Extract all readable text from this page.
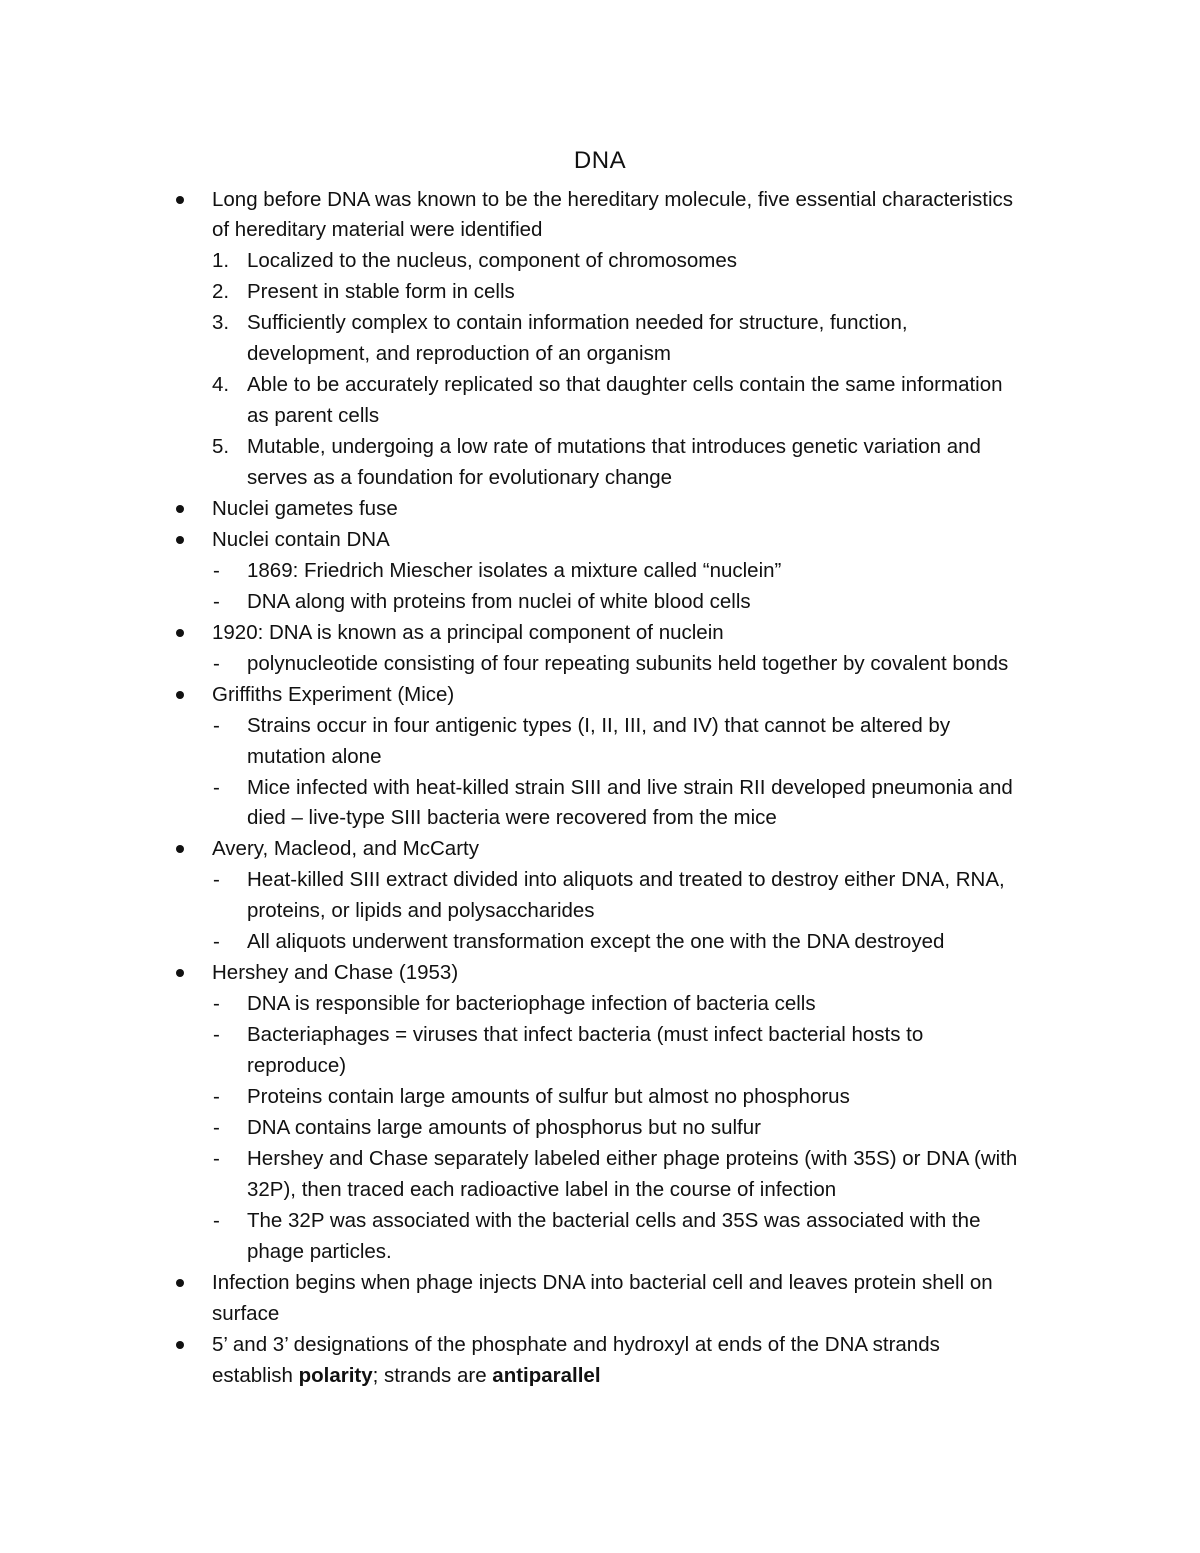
DNA
Long before DNA was known to be the hereditary molecule, five essential characteristics
of hereditary material were identified
1. Localized to the nucleus, component of chromosomes
2. Present in stable form in cells
3. Sufficiently complex to contain information needed for structure, function,
development, and reproduction of an organism
4. Able to be accurately replicated so that daughter cells contain the same information
as parent cells
5. Mutable, undergoing a low rate of mutations that introduces genetic variation and
serves as a foundation for evolutionary change
Nuclei gametes fuse
Nuclei contain DNA
- 1869: Friedrich Miescher isolates a mixture called “nuclein”
- DNA along with proteins from nuclei of white blood cells
1920: DNA is known as a principal component of nuclein
- polynucleotide consisting of four repeating subunits held together by covalent bonds
Griffiths Experiment (Mice)
- Strains occur in four antigenic types (I, II, III, and IV) that cannot be altered by
mutation alone
- Mice infected with heat-killed strain SIII and live strain RII developed pneumonia and
died – live-type SIII bacteria were recovered from the mice
Avery, Macleod, and McCarty
- Heat-killed SIII extract divided into aliquots and treated to destroy either DNA, RNA,
proteins, or lipids and polysaccharides
- All aliquots underwent transformation except the one with the DNA destroyed
Hershey and Chase (1953)
- DNA is responsible for bacteriophage infection of bacteria cells
- Bacteriaphages = viruses that infect bacteria (must infect bacterial hosts to
reproduce)
- Proteins contain large amounts of sulfur but almost no phosphorus
- DNA contains large amounts of phosphorus but no sulfur
- Hershey and Chase separately labeled either phage proteins (with 35S) or DNA (with
32P), then traced each radioactive label in the course of infection
- The 32P was associated with the bacterial cells and 35S was associated with the
phage particles.
Infection begins when phage injects DNA into bacterial cell and leaves protein shell on
surface
5’ and 3’ designations of the phosphate and hydroxyl at ends of the DNA strands
establish polarity; strands are antiparallel
